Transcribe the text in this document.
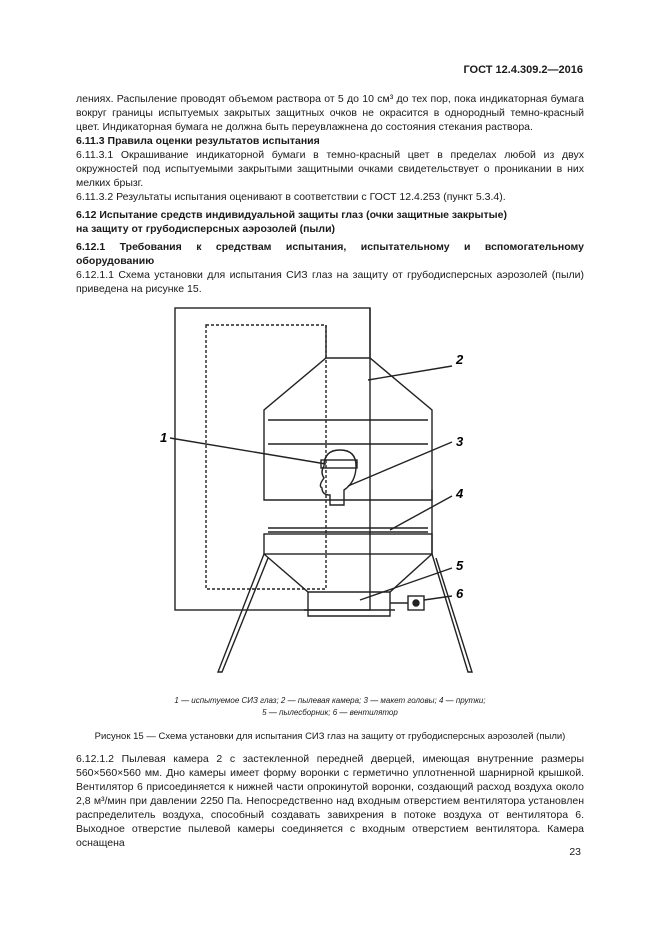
ГОСТ 12.4.309.2—2016

лениях. Распыление проводят объемом раствора от 5 до 10 см³ до тех пор, пока индикаторная бумага вокруг границы испытуемых закрытых защитных очков не окрасится в однородный темно-красный цвет. Индикаторная бумага не должна быть переувлажнена до состояния стекания раствора.

6.11.3 Правила оценки результатов испытания

6.11.3.1 Окрашивание индикаторной бумаги в темно-красный цвет в пределах любой из двух окружностей под испытуемыми закрытыми защитными очками свидетельствует о проникании в них мелких брызг.

6.11.3.2 Результаты испытания оценивают в соответствии с ГОСТ 12.4.253 (пункт 5.3.4).

6.12 Испытание средств индивидуальной защиты глаз (очки защитные закрытые)

на защиту от грубодисперсных аэрозолей (пыли)

6.12.1 Требования к средствам испытания, испытательному и вспомогательному оборудованию

6.12.1.1 Схема установки для испытания СИЗ глаз на защиту от грубодисперсных аэрозолей (пыли) приведена на рисунке 15.

1
2
3
4
5
6
1 — испытуемое СИЗ глаз; 2 — пылевая камера; 3 — макет головы; 4 — прутки;
5 — пылесборник; 6 — вентилятор
Рисунок 15 — Схема установки для испытания СИЗ глаз на защиту от грубодисперсных аэрозолей (пыли)

6.12.1.2 Пылевая камера 2 с застекленной передней дверцей, имеющая внутренние размеры 560×560×560 мм. Дно камеры имеет форму воронки с герметично уплотненной шарнирной крышкой. Вентилятор 6 присоединяется к нижней части опрокинутой воронки, создающий расход воздуха около 2,8 м³/мин при давлении 2250 Па. Непосредственно над входным отверстием вентилятора установлен распределитель воздуха, способный создавать завихрения в потоке воздуха от вентилятора 6. Выходное отверстие пылевой камеры соединяется с входным отверстием вентилятора. Камера оснащена

23
